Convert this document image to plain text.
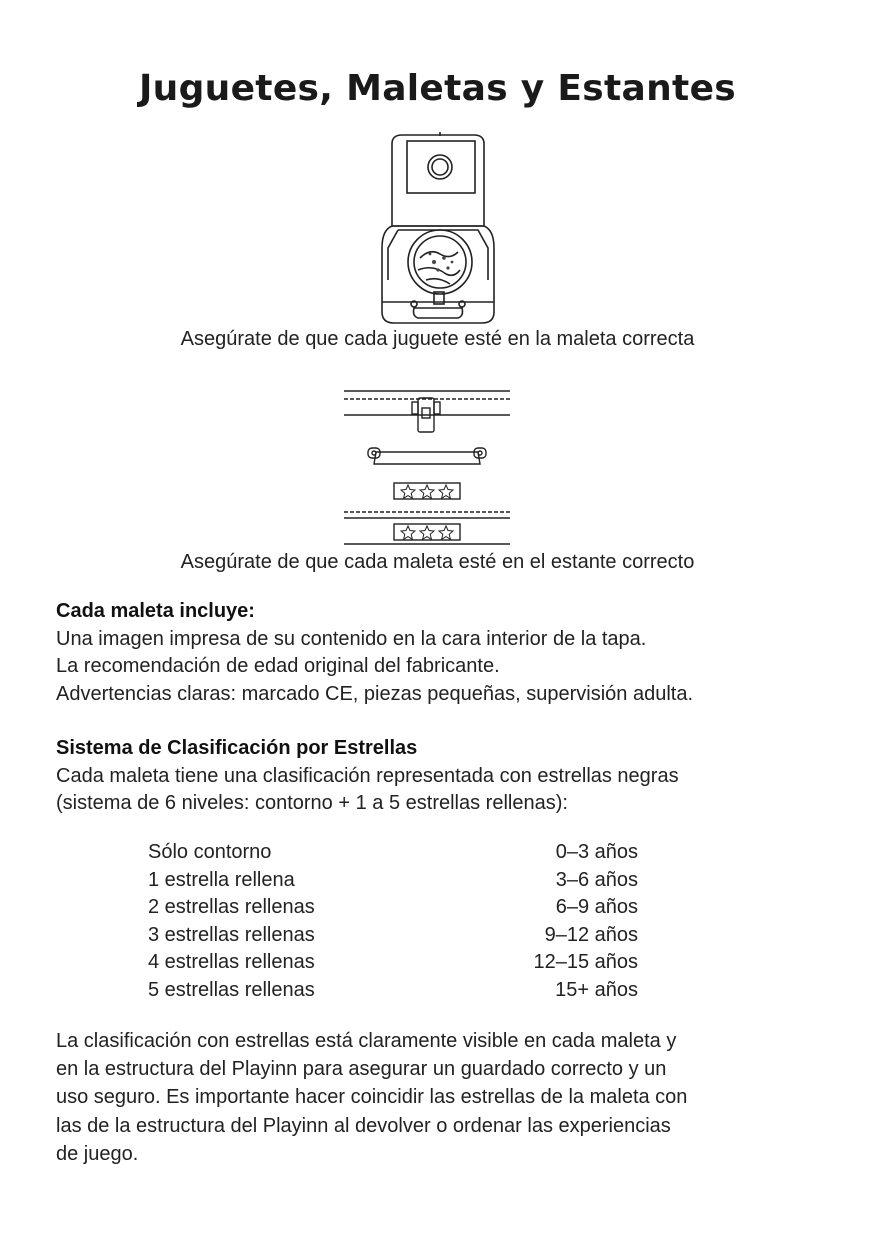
Juguetes, Maletas y Estantes
Asegúrate de que cada juguete esté en la maleta correcta
Asegúrate de que cada maleta esté en el estante correcto
Cada maleta incluye:
Una imagen impresa de su contenido en la cara interior de la tapa.
La recomendación de edad original del fabricante.
Advertencias claras: marcado CE, piezas pequeñas, supervisión adulta.
Sistema de Clasificación por Estrellas
Cada maleta tiene una clasificación representada con estrellas negras
(sistema de 6 niveles: contorno + 1 a 5 estrellas rellenas):
Sólo contorno	0–3 años
1 estrella rellena	3–6 años
2 estrellas rellenas	6–9 años
3 estrellas rellenas	9–12 años
4 estrellas rellenas	12–15 años
5 estrellas rellenas	15+ años
La clasificación con estrellas está claramente visible en cada maleta y
en la estructura del Playinn para asegurar un guardado correcto y un
uso seguro. Es importante hacer coincidir las estrellas de la maleta con
las de la estructura del Playinn al devolver o ordenar las experiencias
de juego.
